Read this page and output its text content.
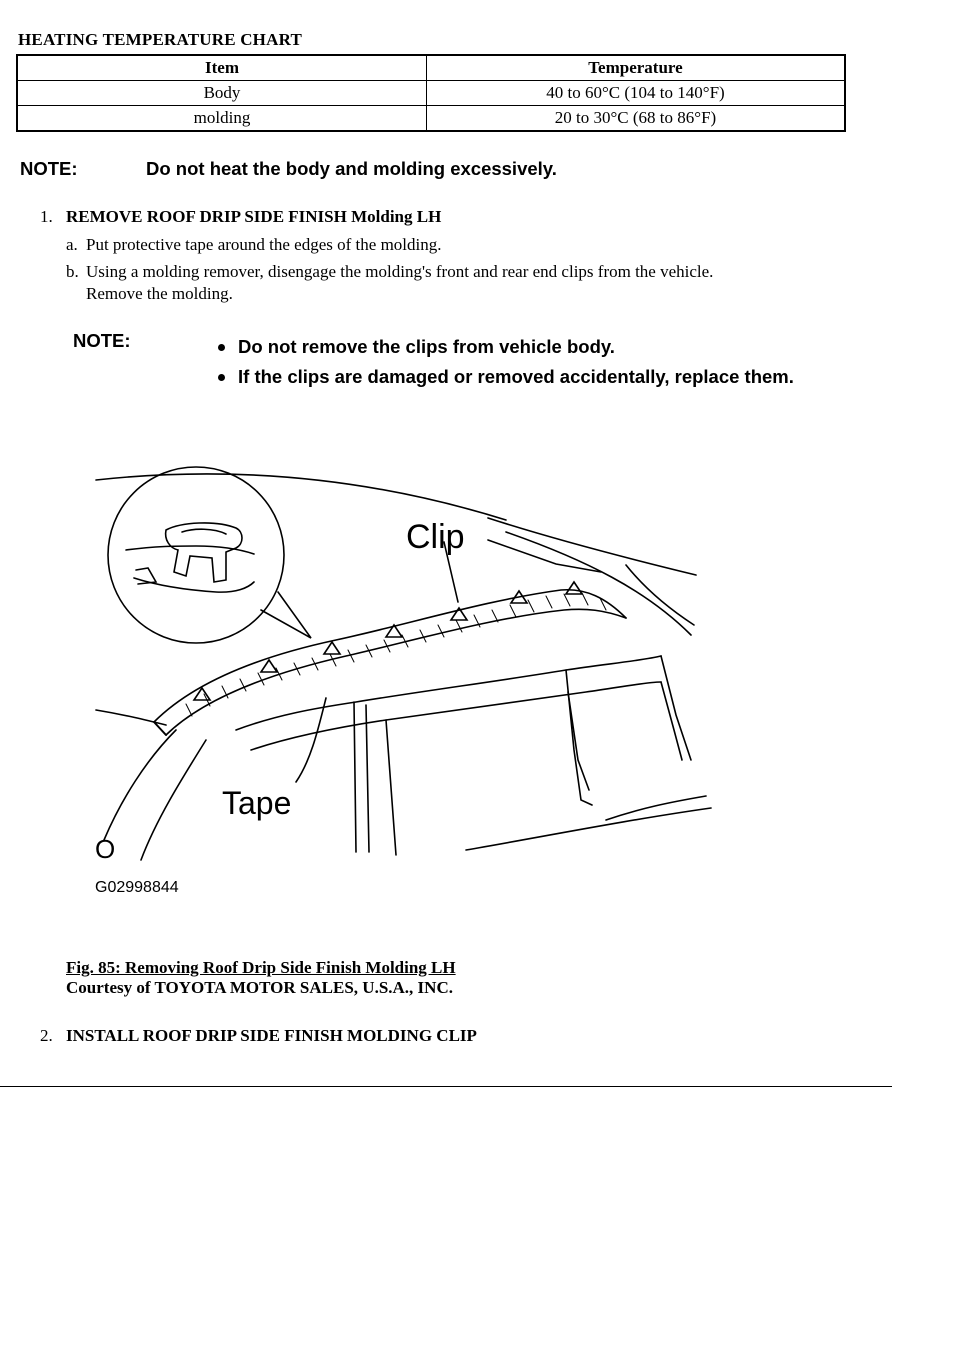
HEATING TEMPERATURE CHART
Item	Temperature
Body	40 to 60°C (104 to 140°F)
molding	20 to 30°C (68 to 86°F)
NOTE:	Do not heat the body and molding excessively.
1. REMOVE ROOF DRIP SIDE FINISH Molding LH
a. Put protective tape around the edges of the molding.
b. Using a molding remover, disengage the molding's front and rear end clips from the vehicle.
Remove the molding.
NOTE:	Do not remove the clips from vehicle body.
If the clips are damaged or removed accidentally, replace them.
Clip
Tape
O
G02998844
Fig. 85: Removing Roof Drip Side Finish Molding LH
Courtesy of TOYOTA MOTOR SALES, U.S.A., INC.
2. INSTALL ROOF DRIP SIDE FINISH MOLDING CLIP
